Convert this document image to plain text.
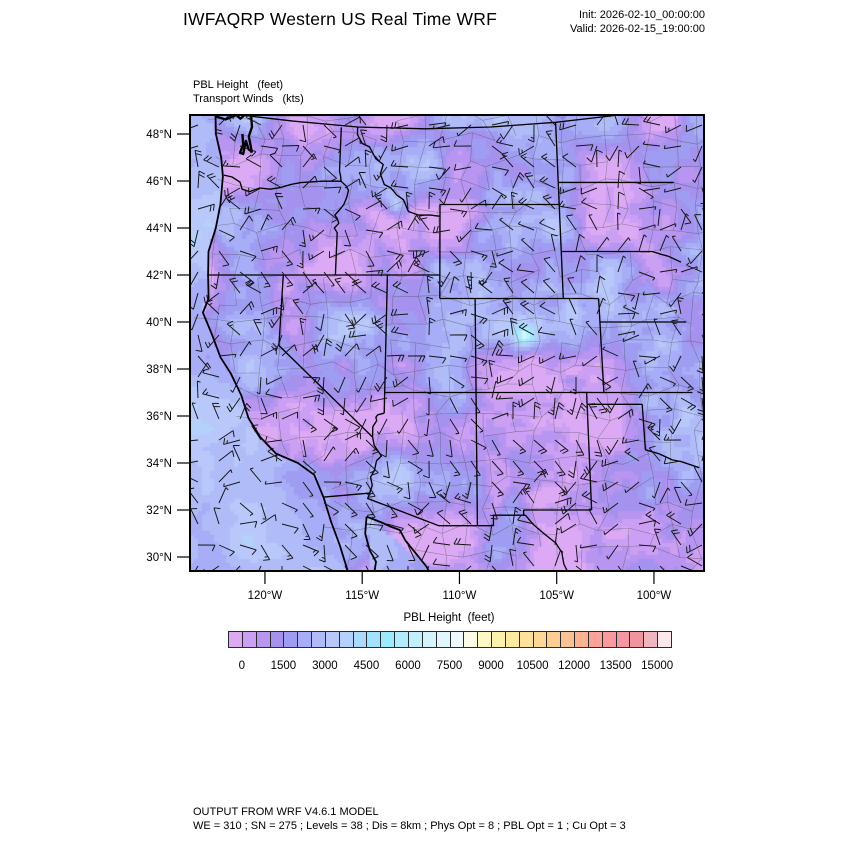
IWFAQRP Western US Real Time WRF	Init: 2026-02-10_00:00:00
Valid: 2026-02-15_19:00:00
PBL Height   (feet)
Transport Winds   (kts)
48°N
46°N
44°N
42°N
40°N
38°N
36°N
34°N
32°N
30°N
120°W	115°W	110°W	105°W	100°W
PBL Height  (feet)
OUTPUT FROM WRF V4.6.1 MODEL
WE = 310 ; SN = 275 ; Levels = 38 ; Dis = 8km ; Phys Opt = 8 ; PBL Opt = 1 ; Cu Opt = 3
0	1500	3000	4500	6000	7500	9000	10500 12000 13500 15000
